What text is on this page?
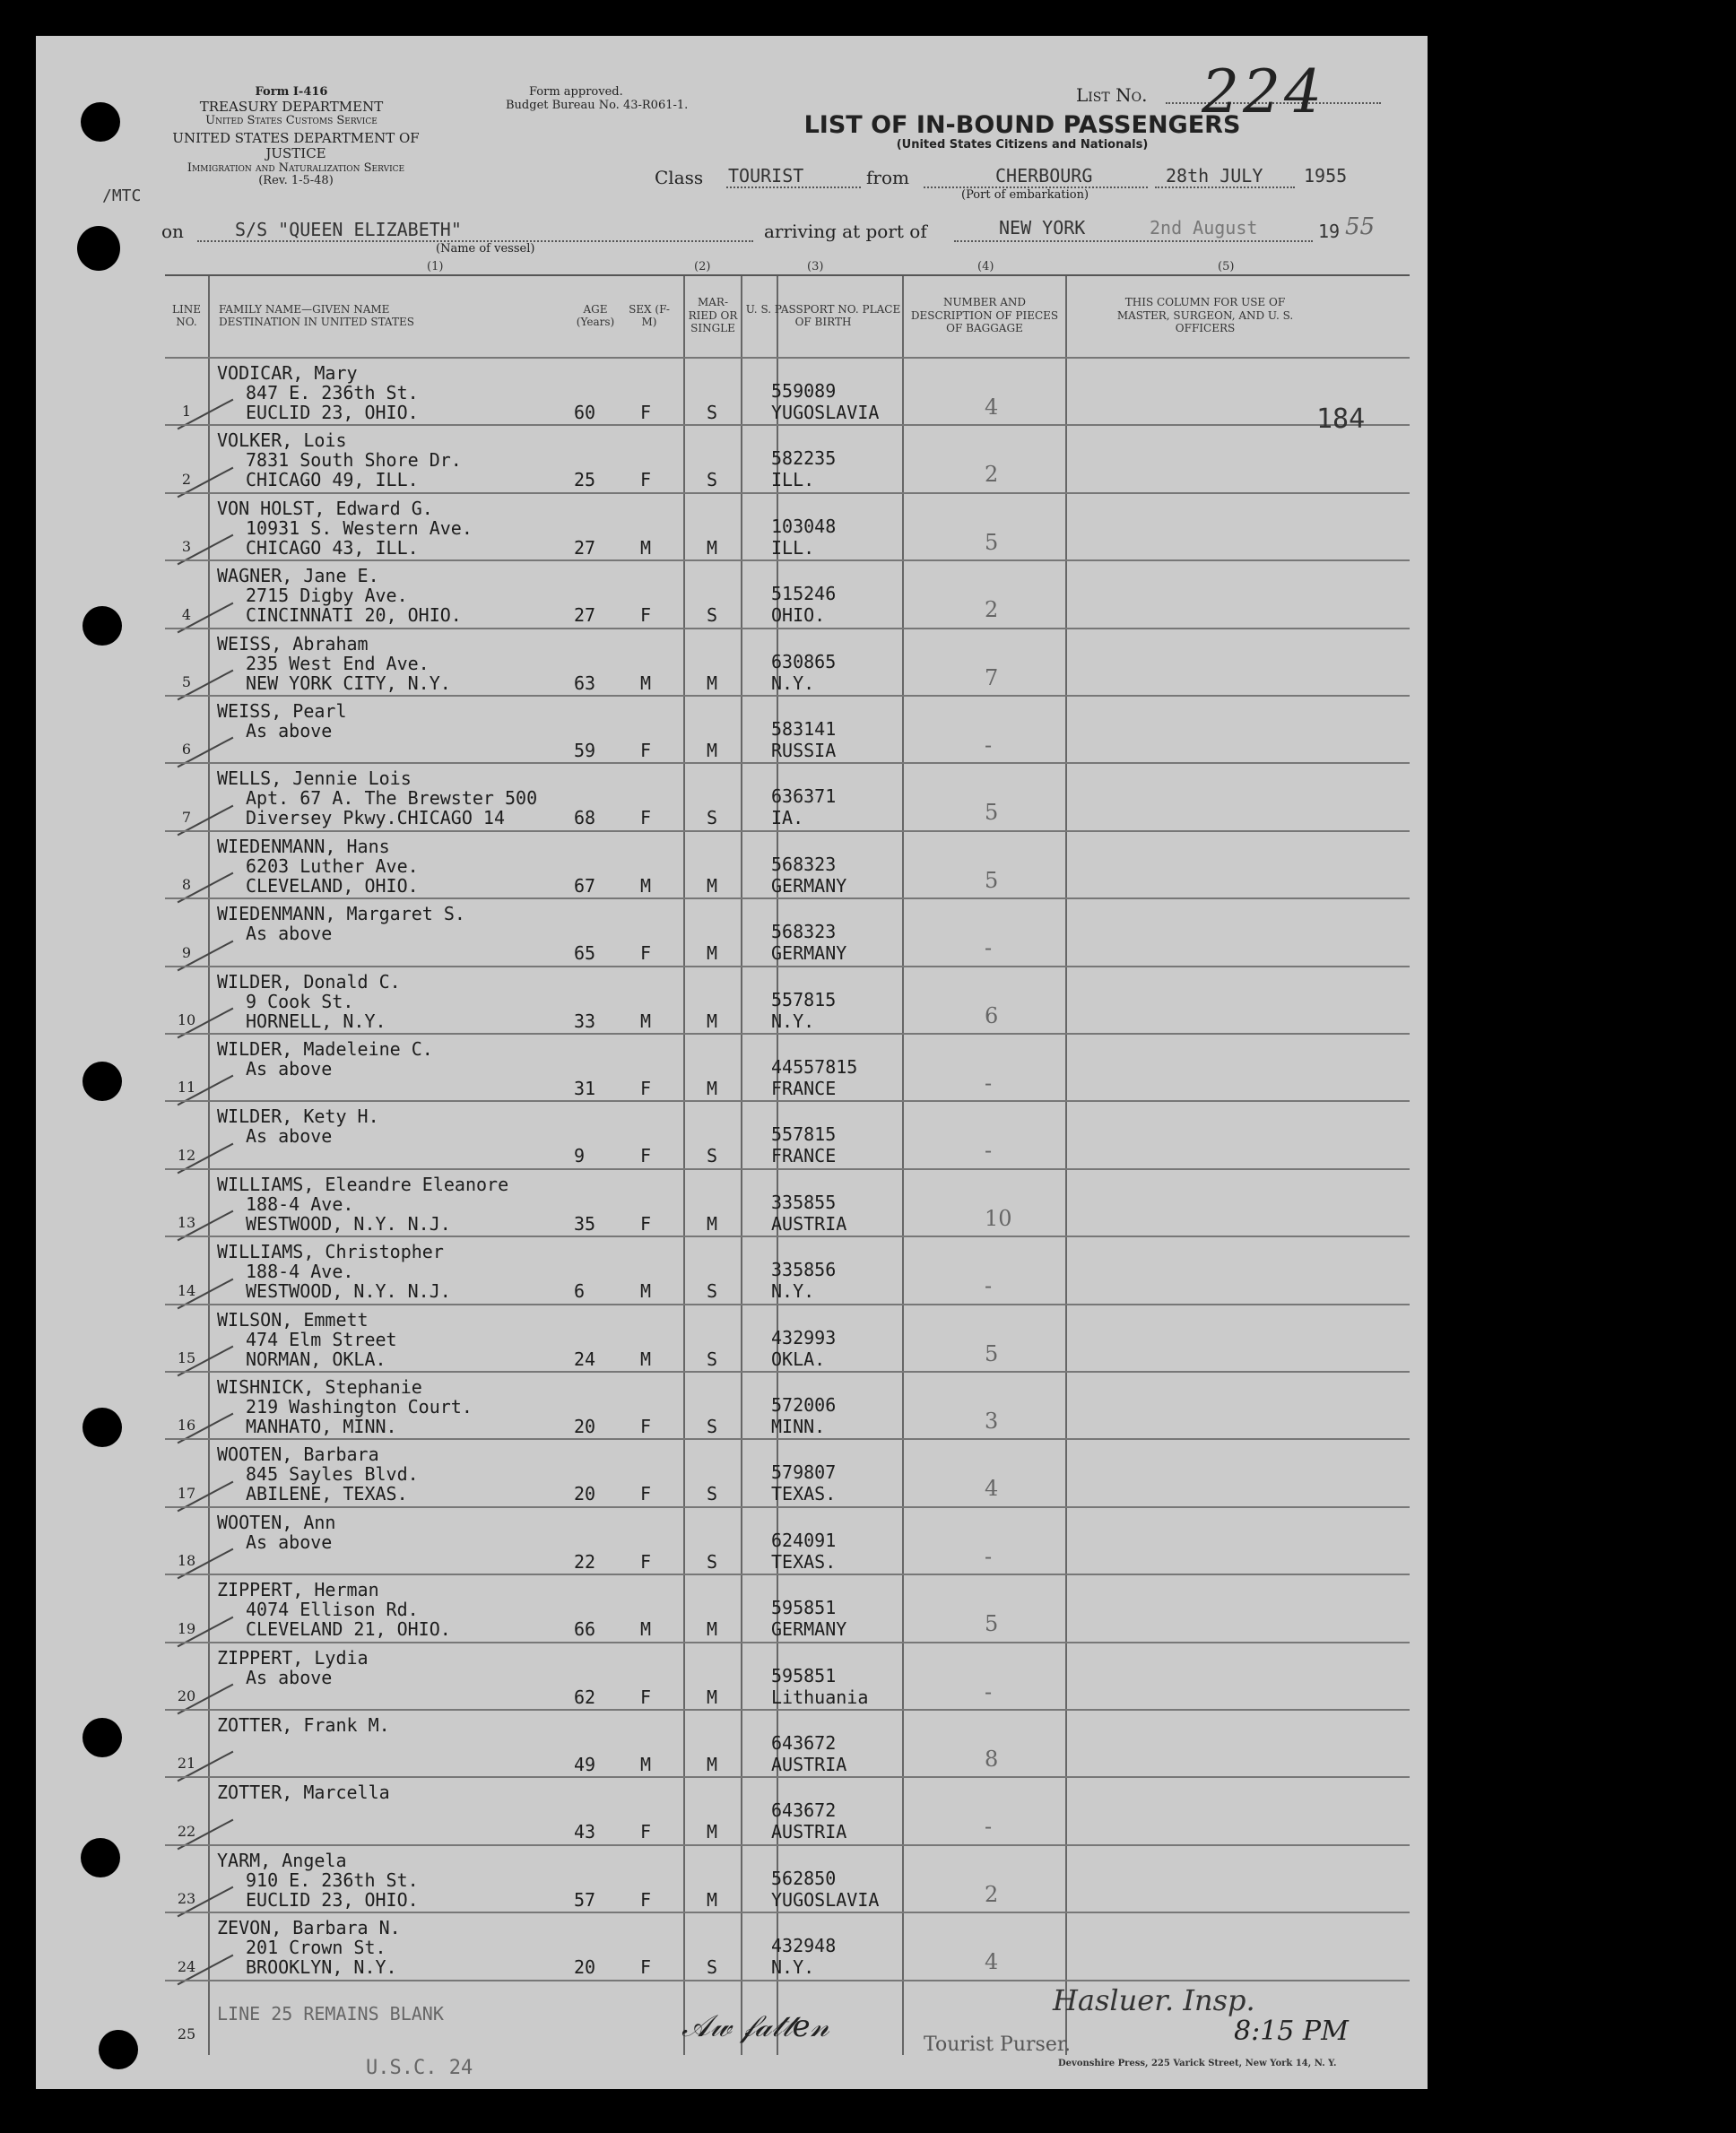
Form I-416
TREASURY DEPARTMENT
United States Customs Service
UNITED STATES DEPARTMENT OF JUSTICE
Immigration and Naturalization Service
(Rev. 1-5-48)
Form approved.
Budget Bureau No. 43-R061-1.	List No. 224
LIST OF IN-BOUND PASSENGERS
(United States Citizens and Nationals)
/MTC
Class TOURIST	from	CHERBOURG
(Port of embarkation)
28th JULY 1955
on	S/S "QUEEN ELIZABETH"
(Name of vessel)
arriving at port of	NEW YORK	2nd August	19 55
(1)	(2)	(3)	(4)	(5)
LINE NO.
FAMILY NAME—GIVEN NAME DESTINATION IN UNITED STATES
AGE (Years)
SEX (F-M)
MAR-RIED OR SINGLE
U. S. PASSPORT NO. PLACE OF BIRTH
NUMBER AND DESCRIPTION OF PIECES OF BAGGAGE
THIS COLUMN FOR USE OF MASTER, SURGEON, AND U. S. OFFICERS
1
VODICAR, Mary
847 E. 236th St.
EUCLID 23, OHIO.	60 F	S
559089
YUGOSLAVIA	4
2
VOLKER, Lois
7831 South Shore Dr.
CHICAGO 49, ILL.	25 F	S
582235
ILL.	2
3
VON HOLST, Edward G.
10931 S. Western Ave.
CHICAGO 43, ILL.	27 M	M
103048
ILL.	5
4
WAGNER, Jane E.
2715 Digby Ave.
CINCINNATI 20, OHIO.	27 F	S
515246
OHIO.	2
5
WEISS, Abraham
235 West End Ave.
NEW YORK CITY, N.Y.	63 M	M
630865
N.Y.	7
6
WEISS, Pearl
As above
59 F	M
583141
RUSSIA	-
7
WELLS, Jennie Lois
Apt. 67 A. The Brewster 500
Diversey Pkwy.CHICAGO 14	68 F	S
636371
IA.	5
8
WIEDENMANN, Hans
6203 Luther Ave.
CLEVELAND, OHIO.	67 M	M
568323
GERMANY	5
9
WIEDENMANN, Margaret S.
As above
65 F	M
568323
GERMANY	-
10
WILDER, Donald C.
9 Cook St.
HORNELL, N.Y.	33 M	M
557815
N.Y.	6
11
WILDER, Madeleine C.
As above
31 F	M
44557815
FRANCE	-
12
WILDER, Kety H.
As above
9	F	S
557815
FRANCE	-
13
WILLIAMS, Eleandre Eleanore
188-4 Ave.
WESTWOOD, N.Y. N.J.	35 F	M
335855
AUSTRIA	10
14
WILLIAMS, Christopher
188-4 Ave.
WESTWOOD, N.Y. N.J.	6	M	S
335856
N.Y.	-
15
WILSON, Emmett
474 Elm Street
NORMAN, OKLA.	24 M	S
432993
OKLA.	5
16
WISHNICK, Stephanie
219 Washington Court.
MANHATO, MINN.	20 F	S
572006
MINN.	3
17
WOOTEN, Barbara
845 Sayles Blvd.
ABILENE, TEXAS.	20 F	S
579807
TEXAS.	4
18
WOOTEN, Ann
As above
22 F	S
624091
TEXAS.	-
19
ZIPPERT, Herman
4074 Ellison Rd.
CLEVELAND 21, OHIO.	66 M	M
595851
GERMANY	5
20
ZIPPERT, Lydia
As above
62 F	M
595851
Lithuania	-
21
ZOTTER, Frank M.
49 M	M
643672
AUSTRIA	8
22
ZOTTER, Marcella
43 F	M
643672
AUSTRIA	-
23
YARM, Angela
910 E. 236th St.
EUCLID 23, OHIO.	57 F	M
562850
YUGOSLAVIA	2
24
ZEVON, Barbara N.
201 Crown St.
BROOKLYN, N.Y.	20 F	S
432948
N.Y.	4
25
LINE 25 REMAINS BLANK
184
𝒜𝓌 𝒻𝒶𝓉𝓉𝑒𝓃
Tourist Purser.
Hasluer. Insp.
8:15 PM
U.S.C. 24	Devonshire Press, 225 Varick Street, New York 14, N. Y.
